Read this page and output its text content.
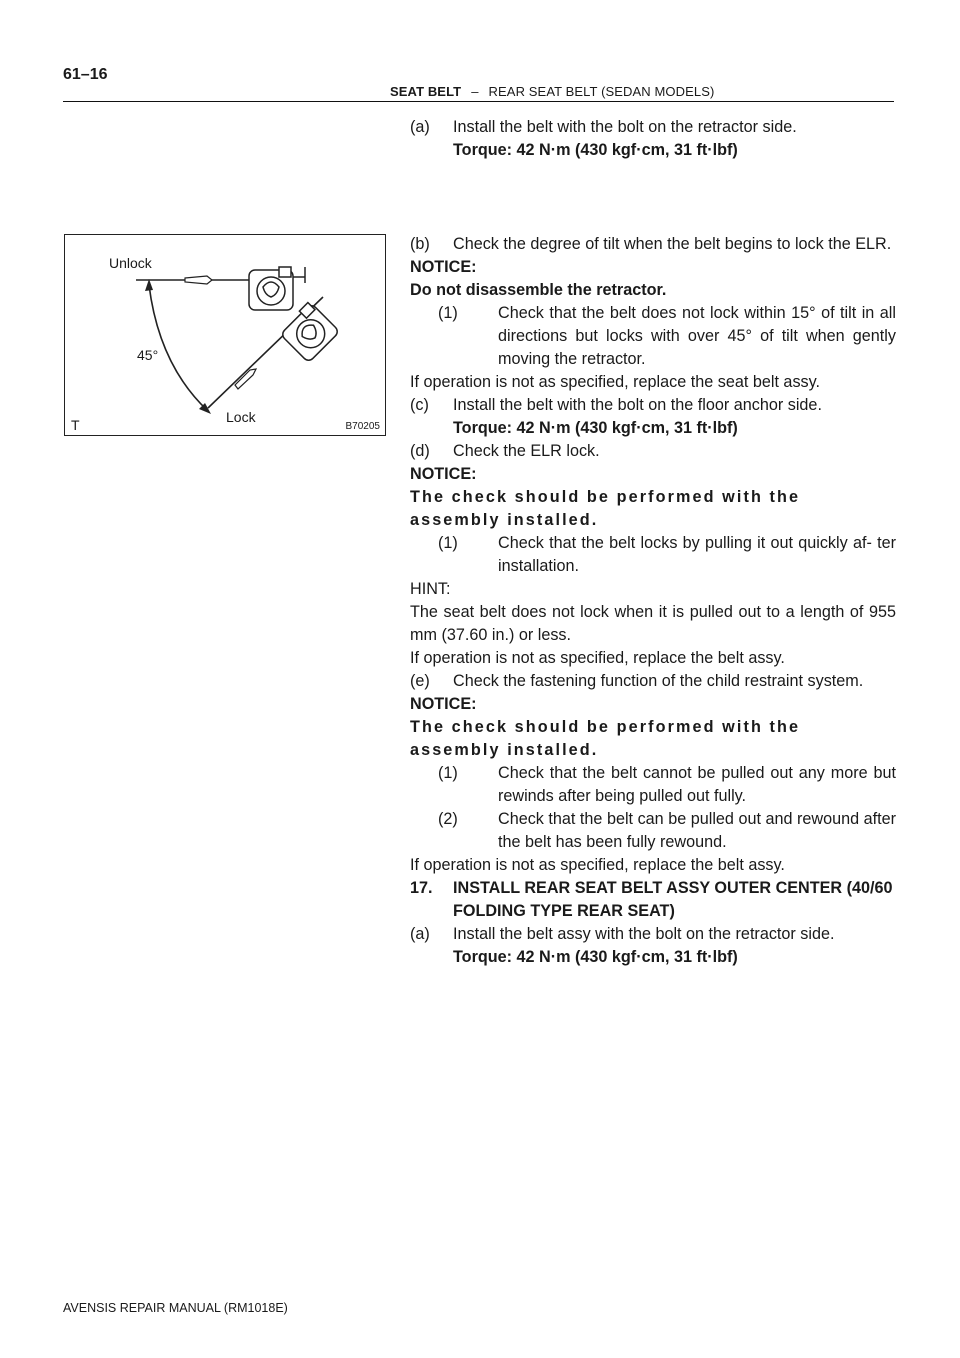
61–16
SEAT BELT – REAR SEAT BELT (SEDAN MODELS)
Unlock
45°
Lock
T	B70205
(a)	Install the belt with the bolt on the retractor side.
Torque: 42 N·m (430 kgf·cm, 31 ft·lbf)
(b)	Check the degree of tilt when the belt begins to lock the ELR.
NOTICE:
Do not disassemble the retractor.
(1)	Check that the belt does not lock within 15° of tilt in all directions but locks with over 45° of tilt when gently moving the retractor.
If operation is not as specified, replace the seat belt assy.
(c)	Install the belt with the bolt on the floor anchor side.
Torque: 42 N·m (430 kgf·cm, 31 ft·lbf)
(d)	Check the ELR lock.
NOTICE:
The check should be performed with the assembly installed.
(1)	Check that the belt locks by pulling it out quickly af- ter installation.
HINT:
The seat belt does not lock when it is pulled out to a length of 955 mm (37.60 in.) or less.
If operation is not as specified, replace the belt assy.
(e)	Check the fastening function of the child restraint system.
NOTICE:
The check should be performed with the assembly installed.
(1)	Check that the belt cannot be pulled out any more but rewinds after being pulled out fully.
(2)	Check that the belt can be pulled out and rewound after the belt has been fully rewound.
If operation is not as specified, replace the belt assy.
17.	INSTALL REAR SEAT BELT ASSY OUTER CENTER (40/60 FOLDING TYPE REAR SEAT)
(a)	Install the belt assy with the bolt on the retractor side.
Torque: 42 N·m (430 kgf·cm, 31 ft·lbf)
AVENSIS REPAIR MANUAL (RM1018E)
